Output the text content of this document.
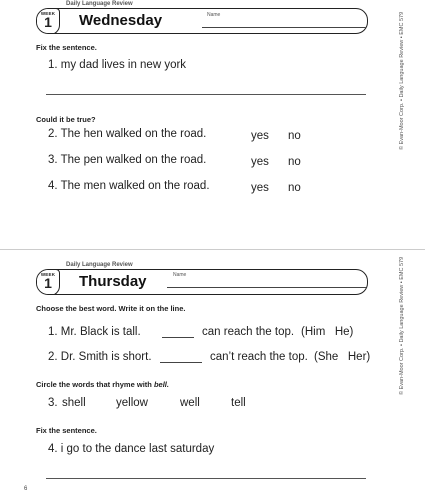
Daily Language Review
WEEK
1	Wednesday	Name	© Evan-Moor Corp. • Daily Language Review • EMC 579
Fix the sentence.
1. my dad lives in new york
Could it be true?
2. The hen walked on the road.	yes no
3. The pen walked on the road.	yes no
4. The men walked on the road.	yes no
Daily Language Review
WEEK
1	Thursday	Name	© Evan-Moor Corp. • Daily Language Review • EMC 579
Choose the best word. Write it on the line.
1. Mr. Black is tall.	can reach the top. (Him   He)
2. Dr. Smith is short.	can’t reach the top. (She   Her)
Circle the words that rhyme with bell.
3. shell	yellow	well	tell
Fix the sentence.
4. i go to the dance last saturday
6
